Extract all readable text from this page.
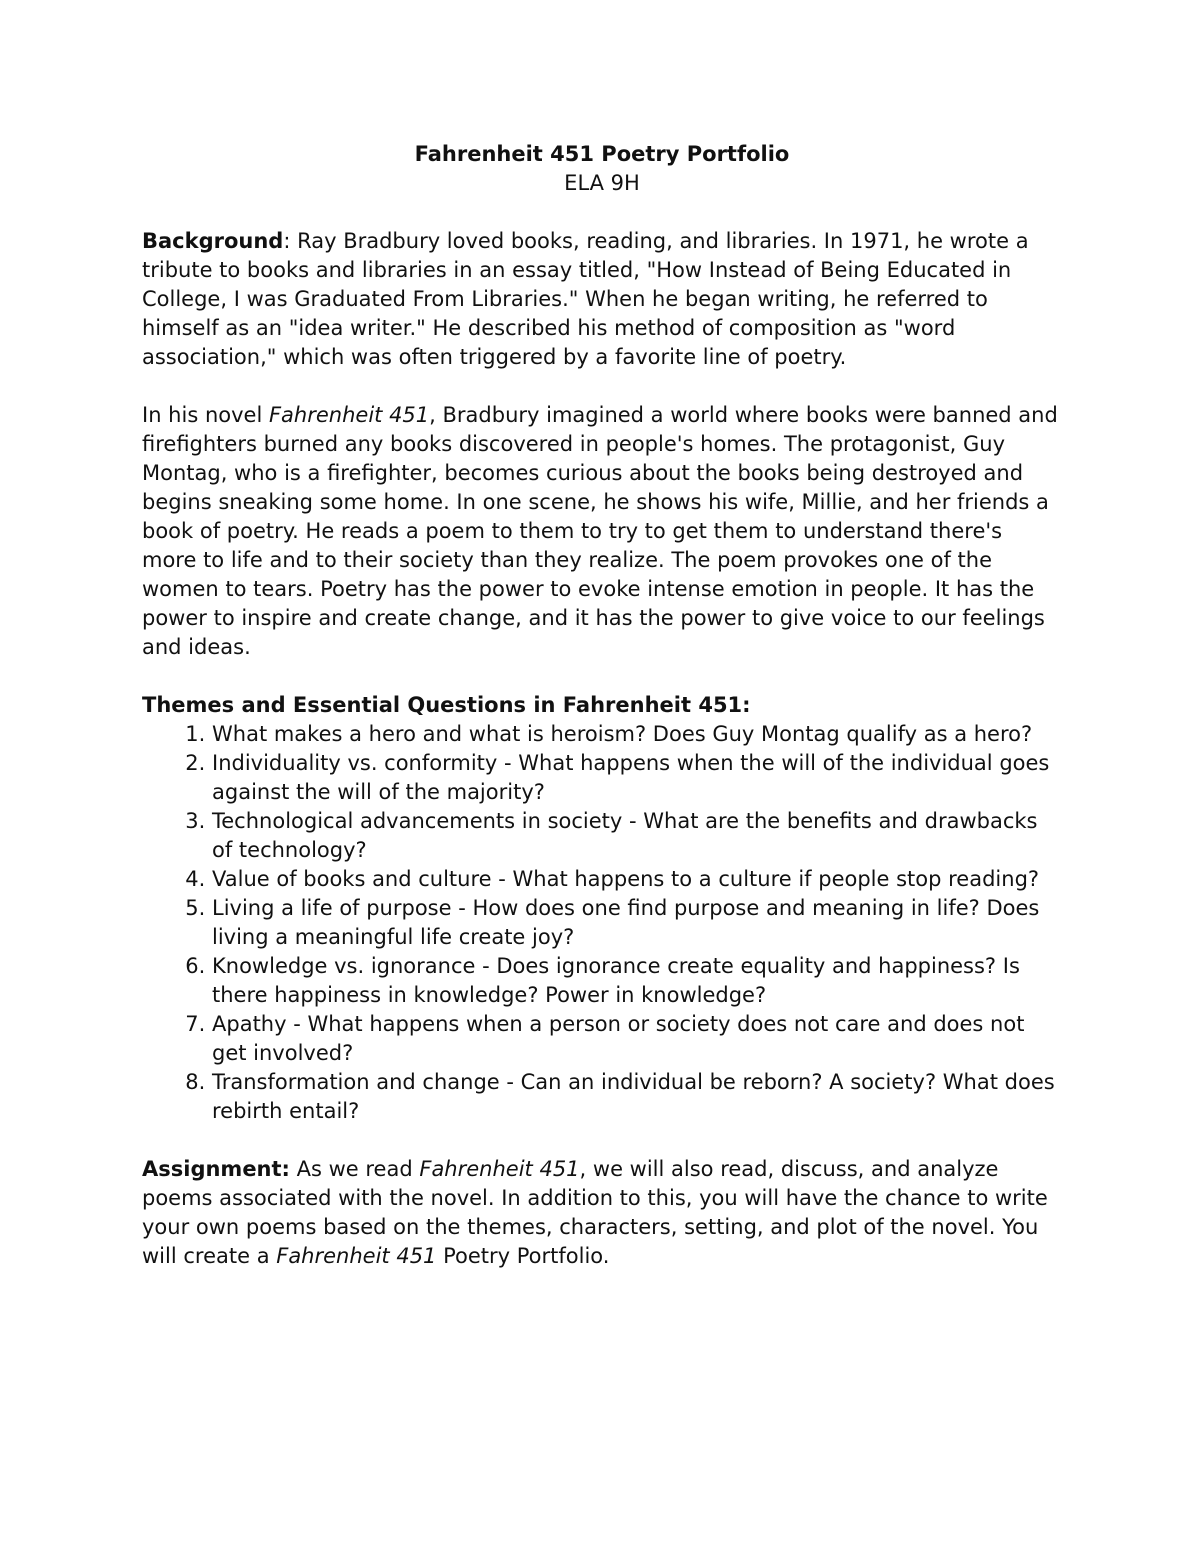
Fahrenheit 451 Poetry Portfolio
ELA 9H

Background: Ray Bradbury loved books, reading, and libraries. In 1971, he wrote a tribute to books and libraries in an essay titled, "How Instead of Being Educated in College, I was Graduated From Libraries." When he began writing, he referred to himself as an "idea writer." He described his method of composition as "word association," which was often triggered by a favorite line of poetry.

In his novel Fahrenheit 451, Bradbury imagined a world where books were banned and firefighters burned any books discovered in people's homes. The protagonist, Guy Montag, who is a firefighter, becomes curious about the books being destroyed and begins sneaking some home. In one scene, he shows his wife, Millie, and her friends a book of poetry. He reads a poem to them to try to get them to understand there's more to life and to their society than they realize. The poem provokes one of the women to tears. Poetry has the power to evoke intense emotion in people. It has the power to inspire and create change, and it has the power to give voice to our feelings and ideas.

Themes and Essential Questions in Fahrenheit 451:
1. What makes a hero and what is heroism? Does Guy Montag qualify as a hero?
2. Individuality vs. conformity - What happens when the will of the individual goes against the will of the majority?
3. Technological advancements in society - What are the benefits and drawbacks of technology?
4. Value of books and culture - What happens to a culture if people stop reading?
5. Living a life of purpose - How does one find purpose and meaning in life? Does living a meaningful life create joy?
6. Knowledge vs. ignorance - Does ignorance create equality and happiness? Is there happiness in knowledge? Power in knowledge?
7. Apathy - What happens when a person or society does not care and does not get involved?
8. Transformation and change - Can an individual be reborn? A society? What does rebirth entail?

Assignment: As we read Fahrenheit 451, we will also read, discuss, and analyze poems associated with the novel. In addition to this, you will have the chance to write your own poems based on the themes, characters, setting, and plot of the novel. You will create a Fahrenheit 451 Poetry Portfolio.
